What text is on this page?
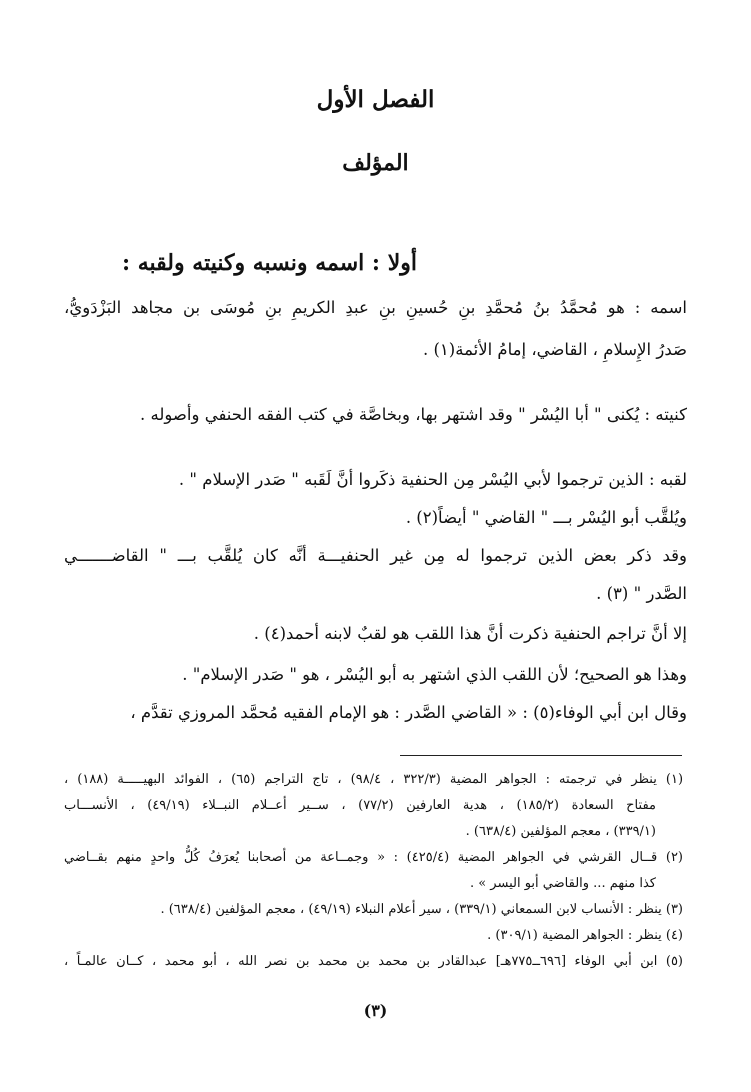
الفصل الأول
المؤلف
أولا : اسمه ونسبه وكنيته ولقبه :
اسمه : هو مُحمَّدُ بنُ مُحمَّدِ بنِ حُسينِ بنِ عبدِ الكريمِ بنِ مُوسَى بن مجاهد البَزْدَويُّ،
صَدرُ الإِسلامِ ، القاضي، إمامُ الأئمة(١) .
كنيته : يُكنى " أبا اليُسْر " وقد اشتهر بها، وبخاصَّة في كتب الفقه الحنفي وأصوله .
لقبه : الذين ترجموا لأبي اليُسْر مِن الحنفية ذكَروا أنَّ لَقَبه " صَدر الإسلام " .
ويُلقَّب أبو اليُسْر بـــ " القاضي " أيضاً(٢) .
وقد ذكر بعض الذين ترجموا له مِن غير الحنفيـــة أنَّه كان يُلقَّب بـــ " القاضـــــــي
الصَّدر " (٣) .
إلا أنَّ تراجم الحنفية ذكرت أنَّ هذا اللقب هو لقبٌ لابنه أحمد(٤) .
وهذا هو الصحيح؛ لأن اللقب الذي اشتهر به أبو اليُسْر ، هو " صَدر الإسلام" .
وقال ابن أبي الوفاء(٥) : « القاضي الصَّدر : هو الإمام الفقيه مُحمَّد المروزي تقدَّم ،
(١) ينظر في ترجمته : الجواهر المضية (٣٢٢/٣ ، ٩٨/٤) ، تاج التراجم (٦٥) ، الفوائد البهيـــــة (١٨٨) ،
مفتاح السعادة (١٨٥/٢) ، هدية العارفين (٧٧/٢) ، ســير أعــلام النبــلاء (٤٩/١٩) ، الأنســـاب
(٣٣٩/١) ، معجم المؤلفين (٦٣٨/٤) .
(٢) قــال القرشي في الجواهر المضية (٤٢٥/٤) : « وجمــاعة من أصحابنا يُعرَفُ كُلُّ واحدٍ منهم بقــاضي
كذا منهم ... والقاضي أبو اليسر » .
(٣) ينظر : الأنساب لابن السمعاني (٣٣٩/١) ، سير أعلام النبلاء (٤٩/١٩) ، معجم المؤلفين (٦٣٨/٤) .
(٤) ينظر : الجواهر المضية (٣٠٩/١) .
(٥) ابن أبي الوفاء [٦٩٦ــ٧٧٥هـ] عبدالقادر بن محمد بن محمد بن نصر الله ، أبو محمد ، كــان عالمـاً ،
(٣)
